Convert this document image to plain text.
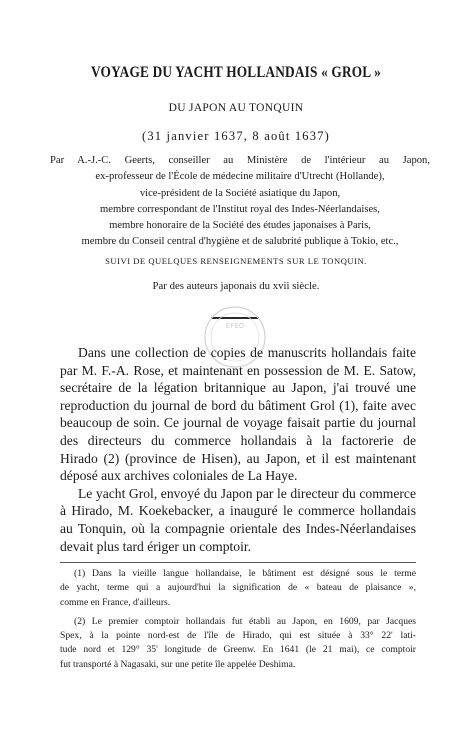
VOYAGE DU YACHT HOLLANDAIS « GROL »
DU JAPON AU TONQUIN
(31 janvier 1637, 8 août 1637)
Par A.-J.-C. Geerts, conseiller au Ministère de l'intérieur au Japon,
ex-professeur de l'École de médecine militaire d'Utrecht (Hollande),
vice-président de la Société asiatique du Japon,
membre correspondant de l'Institut royal des Indes-Néerlandaises,
membre honoraire de la Société des études japonaises à Paris,
membre du Conseil central d'hygiène et de salubrité publique à Tokio, etc.,
SUIVI DE QUELQUES RENSEIGNEMENTS SUR LE TONQUIN.
Par des auteurs japonais du xvii siècle.
ÉFEO
Dans une collection de copies de manuscrits hollandais faite
par M. F.-A. Rose, et maintenant en possession de M. E. Satow,
secrétaire de la légation britannique au Japon, j'ai trouvé une
reproduction du journal de bord du bâtiment Grol (1), faite avec
beaucoup de soin. Ce journal de voyage faisait partie du journal
des directeurs du commerce hollandais à la factorerie de
Hirado (2) (province de Hisen), au Japon, et il est maintenant
déposé aux archives coloniales de La Haye.
Le yacht Grol, envoyé du Japon par le directeur du commerce
à Hirado, M. Koekebacker, a inauguré le commerce hollandais
au Tonquin, où la compagnie orientale des Indes-Néerlandaises
devait plus tard ériger un comptoir.
(1) Dans la vieille langue hollandaise, le bâtiment est désigné sous le terme
de yacht, terme qui a aujourd'hui la signification de « bateau de plaisance »,
comme en France, d'ailleurs.
(2) Le premier comptoir hollandais fut établi au Japon, en 1609, par Jacques
Spex, à la pointe nord-est de l'île de Hirado, qui est située à 33° 22' lati-
tude nord et 129° 35' longitude de Greenw. En 1641 (le 21 mai), ce comptoir
fut transporté à Nagasaki, sur une petite île appelée Deshima.
